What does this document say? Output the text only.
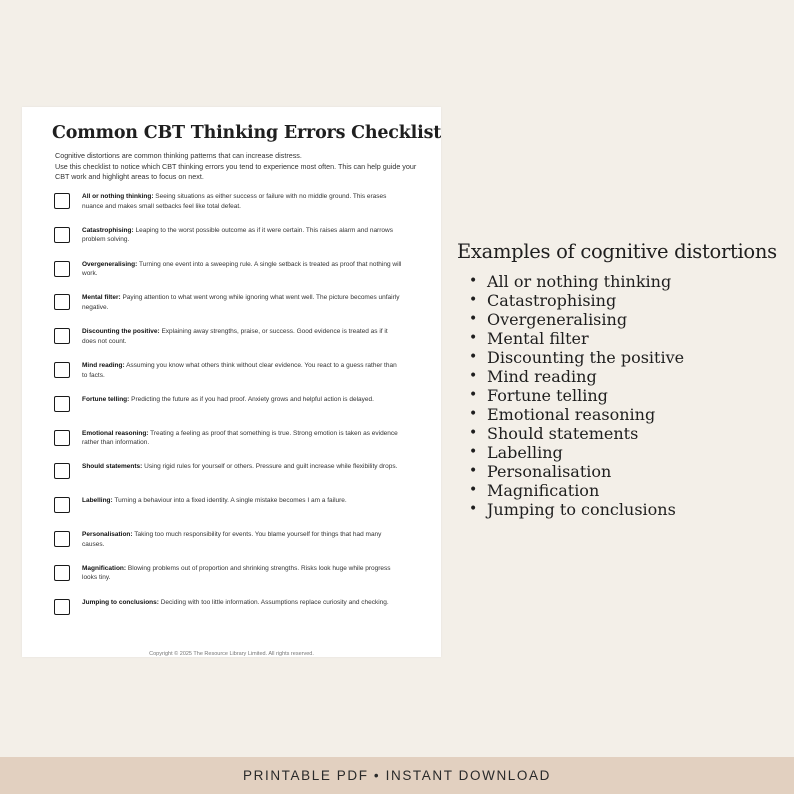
Common CBT Thinking Errors Checklist

Cognitive distortions are common thinking patterns that can increase distress.
Use this checklist to notice which CBT thinking errors you tend to experience most often. This can help guide your CBT work and highlight areas to focus on next.

All or nothing thinking: Seeing situations as either success or failure with no middle ground. This erases nuance and makes small setbacks feel like total defeat.
Catastrophising: Leaping to the worst possible outcome as if it were certain. This raises alarm and narrows problem solving.
Overgeneralising: Turning one event into a sweeping rule. A single setback is treated as proof that nothing will work.
Mental filter: Paying attention to what went wrong while ignoring what went well. The picture becomes unfairly negative.
Discounting the positive: Explaining away strengths, praise, or success. Good evidence is treated as if it does not count.
Mind reading: Assuming you know what others think without clear evidence. You react to a guess rather than to facts.
Fortune telling: Predicting the future as if you had proof. Anxiety grows and helpful action is delayed.
Emotional reasoning: Treating a feeling as proof that something is true. Strong emotion is taken as evidence rather than information.
Should statements: Using rigid rules for yourself or others. Pressure and guilt increase while flexibility drops.
Labelling: Turning a behaviour into a fixed identity. A single mistake becomes I am a failure.
Personalisation: Taking too much responsibility for events. You blame yourself for things that had many causes.
Magnification: Blowing problems out of proportion and shrinking strengths. Risks look huge while progress looks tiny.
Jumping to conclusions: Deciding with too little information. Assumptions replace curiosity and checking.
Copyright © 2025 The Resource Library Limited. All rights reserved.
Examples of cognitive distortions
• All or nothing thinking
• Catastrophising
• Overgeneralising
• Mental filter
• Discounting the positive
• Mind reading
• Fortune telling
• Emotional reasoning
• Should statements
• Labelling
• Personalisation
• Magnification
• Jumping to conclusions
PRINTABLE PDF • INSTANT DOWNLOAD
